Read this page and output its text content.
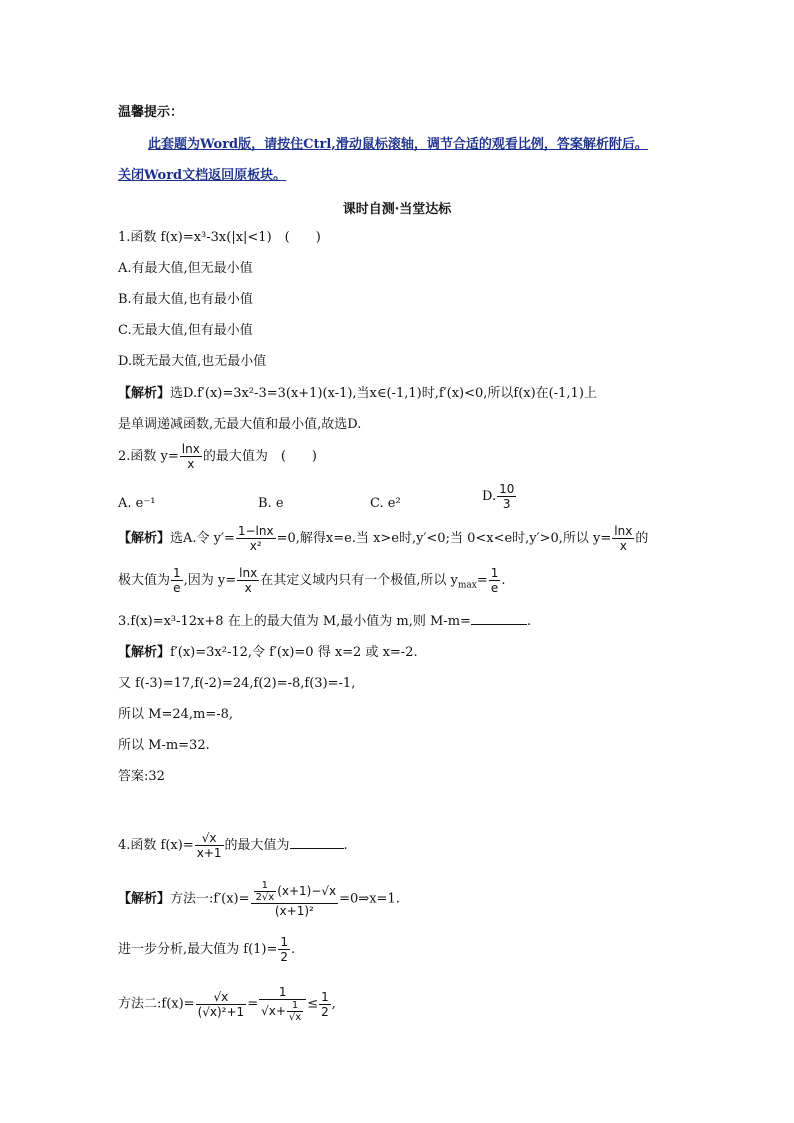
温馨提示：
此套题为Word版，请按住Ctrl,滑动鼠标滚轴，调节合适的观看比例，答案解析附后。
关闭Word文档返回原板块。
课时自测·当堂达标
1.函数 f(x)=x³-3x(|x|<1)　(　　)
A.有最大值,但无最小值
B.有最大值,也有最小值
C.无最大值,但有最小值
D.既无最大值,也无最小值
【解析】选D.f′(x)=3x²-3=3(x+1)(x-1),当x∈(-1,1)时,f′(x)<0,所以f(x)在(-1,1)上
是单调递减函数,无最大值和最小值,故选D.
2.函数 $y= \frac{\ln x}{x}$ 的最大值为　(　　)
A. e⁻¹	B. e	C. e²	D. $\frac{10}{3}$
【解析】选A.令 $y'= \frac{1-\ln x}{\text{x²}} =0$,解得x=e.当 x>e时,y′<0;当 0<x<e时,y′>0,所以 $y= \frac{\ln x}{x}$ 的
极大值为 $\frac{1}{e}$ ,因为 $y= \frac{\ln x}{x}$ 在其定义域内只有一个极值,所以 $y_{max}= \frac{1}{e}$ .
3.f(x)=x³-12x+8 在上的最大值为 M,最小值为 m,则 M-m=	.
【解析】f′(x)=3x²-12,令 f′(x)=0 得 x=2 或 x=-2.
又 f(-3)=17,f(-2)=24,f(2)=-8,f(3)=-1,
所以 M=24,m=-8,
所以 M-m=32.
答案:32
4.函数 $f(x)= \frac{√x}{x+1}$ 的最大值为	.
【解析】方法一:f′(x)= $\frac{\frac{1}{2√x} (x+1)-√x}{\text{(x+1)²}}$ =0⇒x=1.
进一步分析,最大值为 $f(1)= \frac{1}{2}$ .
方法二:f(x)= $\frac{√x}{\text{(√x)²+1}} = \frac{1}{√x+ \frac{1}{√x}} \le \frac{1}{2}$ ,
